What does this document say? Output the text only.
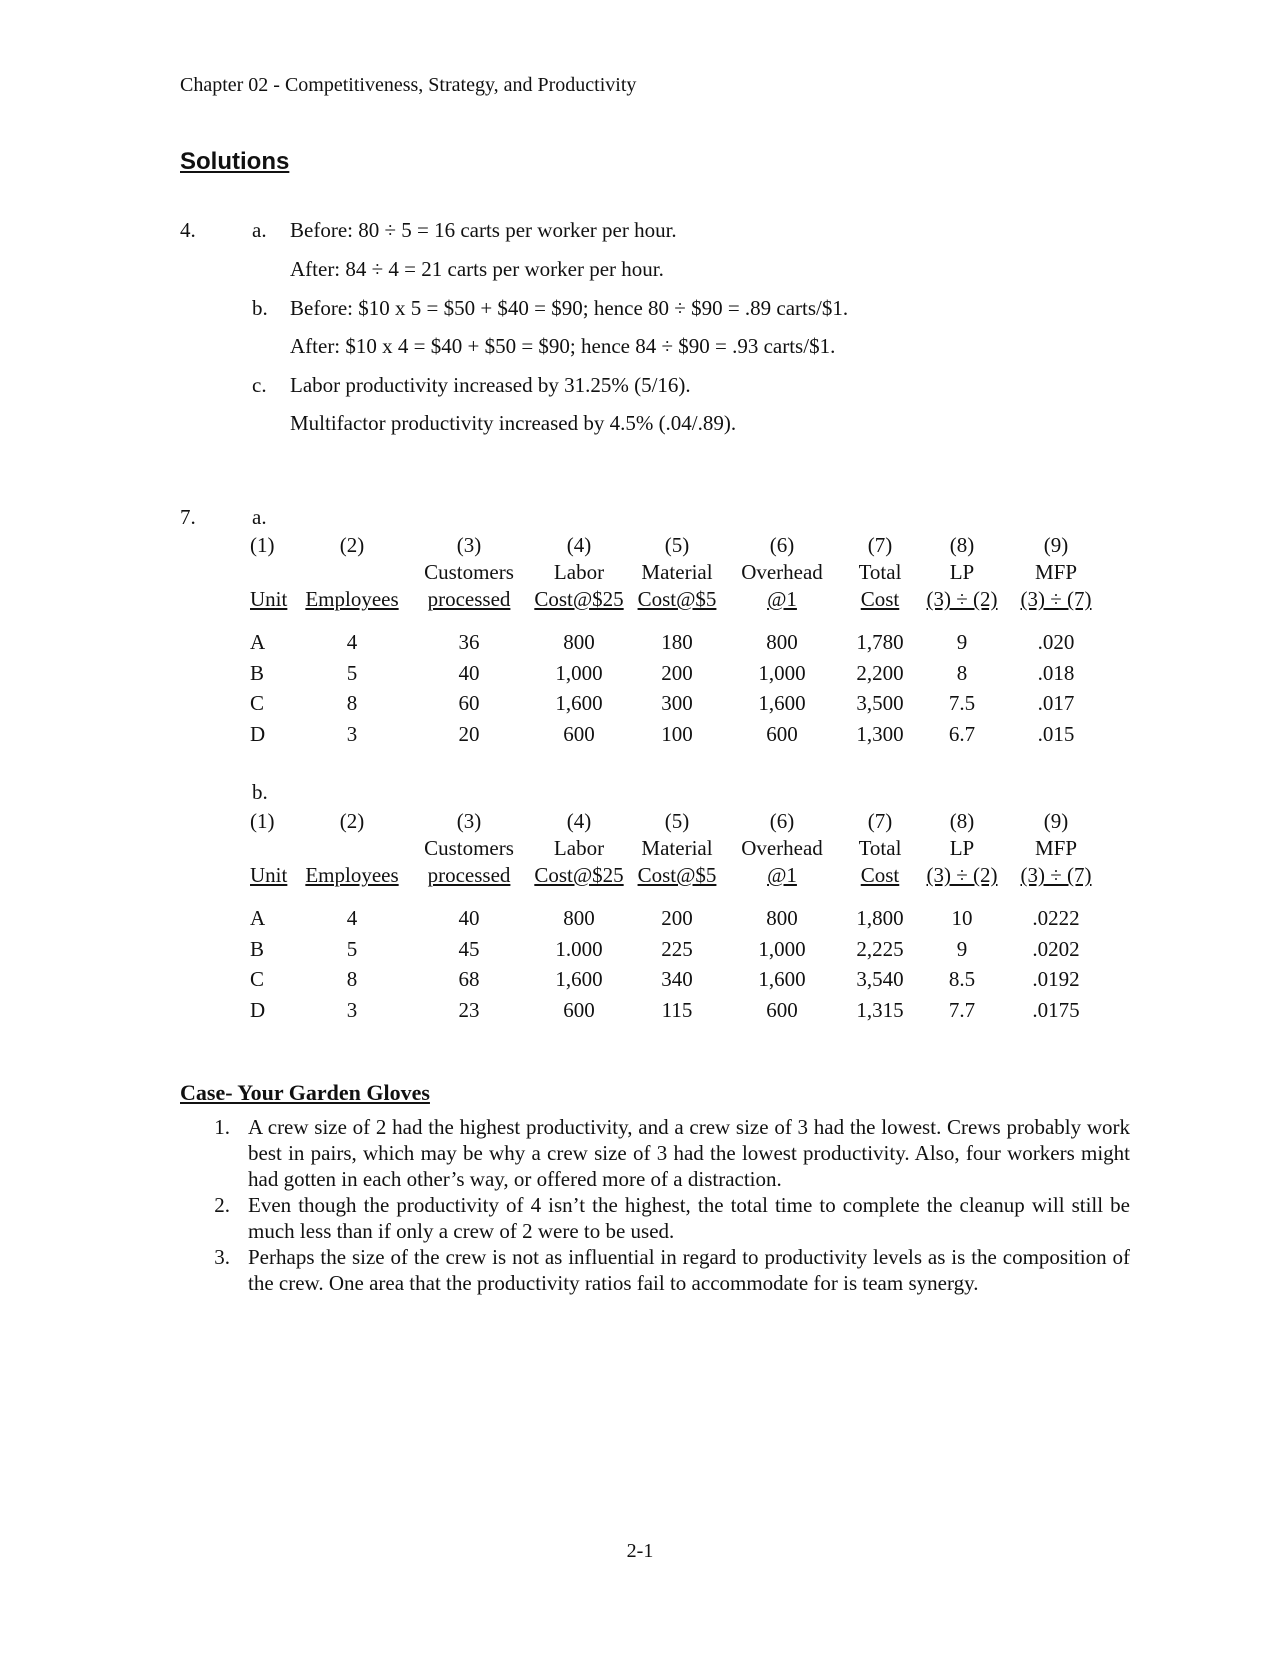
Chapter 02 - Competitiveness, Strategy, and Productivity
Solutions
4.	a. Before: 80 ÷ 5 = 16 carts per worker per hour.
After: 84 ÷ 4 = 21 carts per worker per hour.
b. Before: $10 x 5 = $50 + $40 = $90; hence 80 ÷ $90 = .89 carts/$1.
After: $10 x 4 = $40 + $50 = $90; hence 84 ÷ $90 = .93 carts/$1.
c. Labor productivity increased by 31.25% (5/16).
Multifactor productivity increased by 4.5% (.04/.89).
7.	a.
(1)	(2)	(3)	(4)	(5)	(6)	(7)	(8)	(9)
		Customers	Labor	Material	Overhead	Total	LP	MFP
Unit	Employees	processed	Cost@$25	Cost@$5	@1	Cost	(3) ÷ (2)	(3) ÷ (7)

A	4	36	800	180	800	1,780	9	.020
B	5	40	1,000	200	1,000	2,200	8	.018
C	8	60	1,600	300	1,600	3,500	7.5	.017
D	3	20	600	100	600	1,300	6.7	.015
b.
(1)	(2)	(3)	(4)	(5)	(6)	(7)	(8)	(9)
		Customers	Labor	Material	Overhead	Total	LP	MFP
Unit	Employees	processed	Cost@$25	Cost@$5	@1	Cost	(3) ÷ (2)	(3) ÷ (7)

A	4	40	800	200	800	1,800	10	.0222
B	5	45	1.000	225	1,000	2,225	9	.0202
C	8	68	1,600	340	1,600	3,540	8.5	.0192
D	3	23	600	115	600	1,315	7.7	.0175
Case- Your Garden Gloves
1. A crew size of 2 had the highest productivity, and a crew size of 3 had the lowest. Crews probably work best in pairs, which may be why a crew size of 3 had the lowest productivity. Also, four workers might had gotten in each other’s way, or offered more of a distraction.
2. Even though the productivity of 4 isn’t the highest, the total time to complete the cleanup will still be much less than if only a crew of 2 were to be used.
3. Perhaps the size of the crew is not as influential in regard to productivity levels as is the composition of the crew. One area that the productivity ratios fail to accommodate for is team synergy.
2-1
